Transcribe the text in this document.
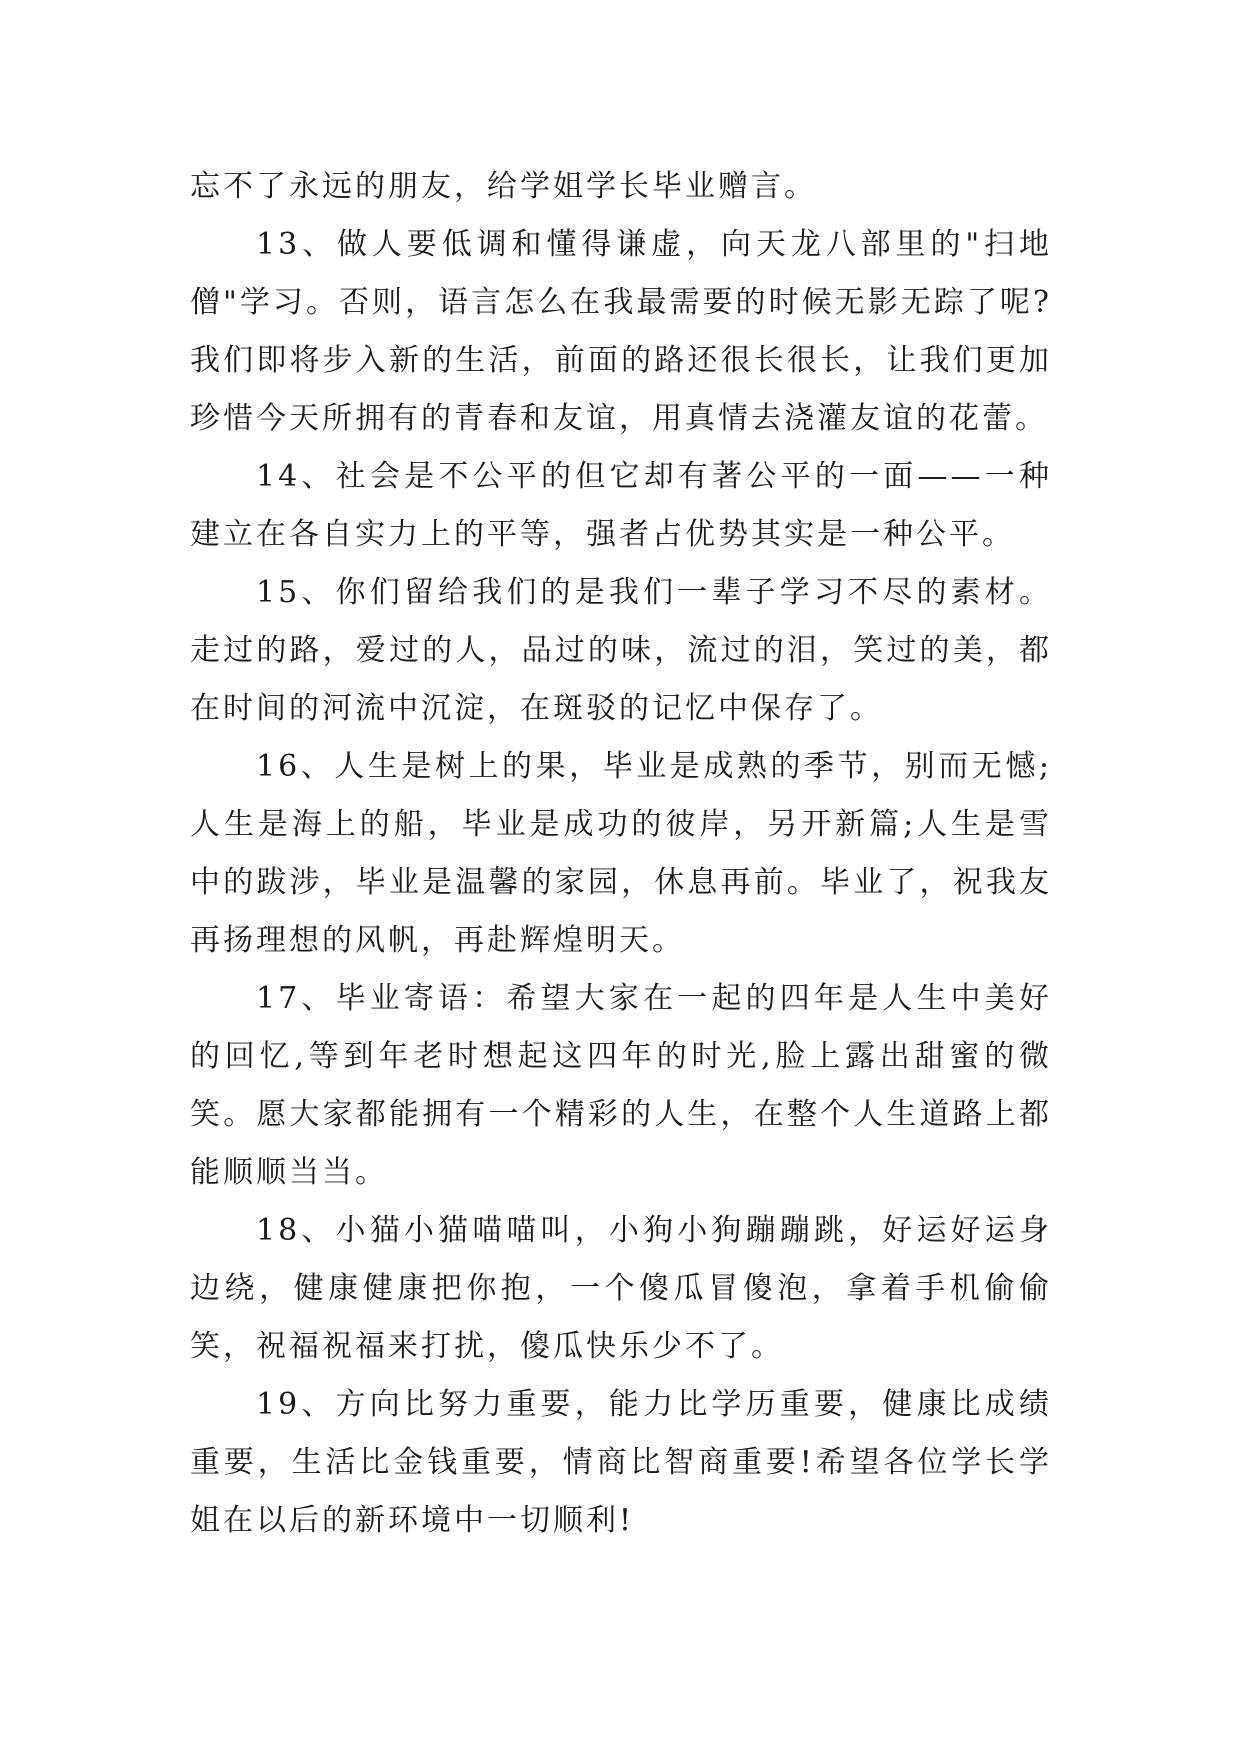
忘不了永远的朋友，给学姐学长毕业赠言。

13、做人要低调和懂得谦虚，向天龙八部里的"扫地僧"学习。否则，语言怎么在我最需要的时候无影无踪了呢?我们即将步入新的生活，前面的路还很长很长，让我们更加珍惜今天所拥有的青春和友谊，用真情去浇灌友谊的花蕾。

14、社会是不公平的但它却有著公平的一面——一种建立在各自实力上的平等，强者占优势其实是一种公平。

15、你们留给我们的是我们一辈子学习不尽的素材。走过的路，爱过的人，品过的味，流过的泪，笑过的美，都在时间的河流中沉淀，在斑驳的记忆中保存了。

16、人生是树上的果，毕业是成熟的季节，别而无憾;人生是海上的船，毕业是成功的彼岸，另开新篇;人生是雪中的跋涉，毕业是温馨的家园，休息再前。毕业了，祝我友再扬理想的风帆，再赴辉煌明天。

17、毕业寄语：希望大家在一起的四年是人生中美好的回忆,等到年老时想起这四年的时光,脸上露出甜蜜的微笑。愿大家都能拥有一个精彩的人生，在整个人生道路上都能顺顺当当。

18、小猫小猫喵喵叫，小狗小狗蹦蹦跳，好运好运身边绕，健康健康把你抱，一个傻瓜冒傻泡，拿着手机偷偷笑，祝福祝福来打扰，傻瓜快乐少不了。

19、方向比努力重要，能力比学历重要，健康比成绩重要，生活比金钱重要，情商比智商重要!希望各位学长学姐在以后的新环境中一切顺利!
